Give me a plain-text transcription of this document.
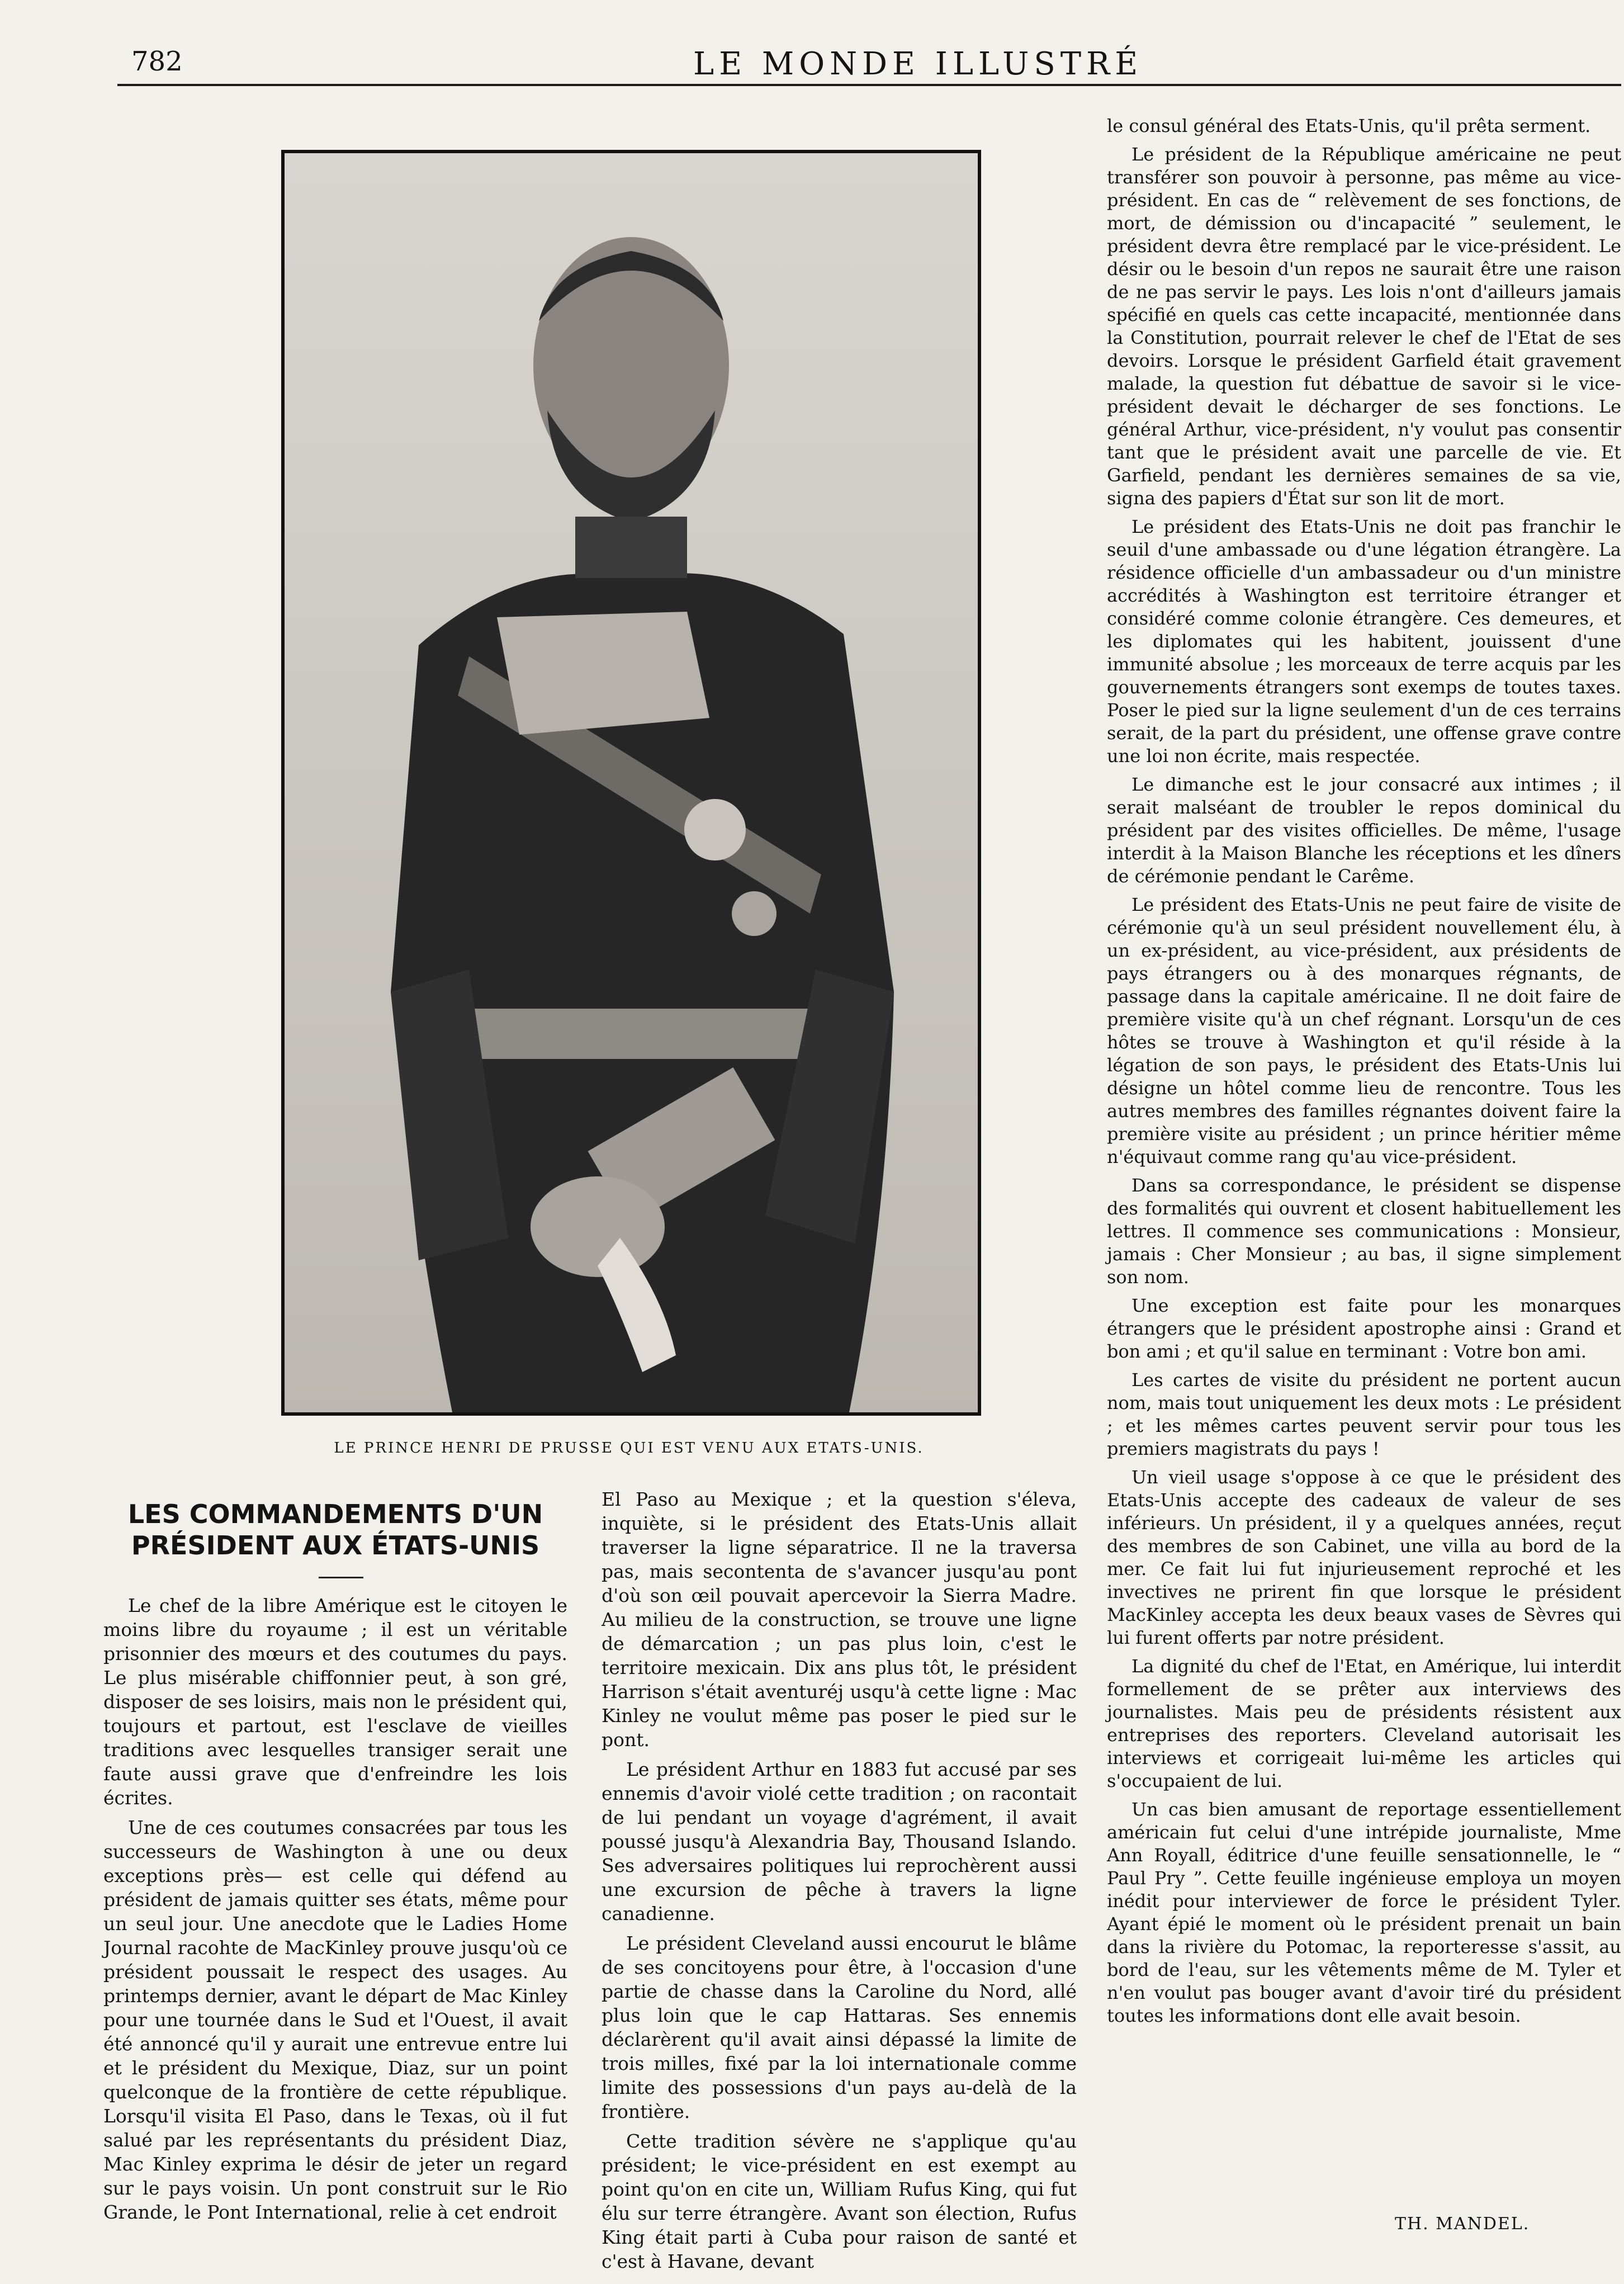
782	LE MONDE ILLUSTRÉ
LE PRINCE HENRI DE PRUSSE QUI EST VENU AUX ETATS-UNIS.
LES COMMANDEMENTS D'UN PRÉSIDENT AUX ÉTATS-UNIS

Le chef de la libre Amérique est le citoyen le moins libre du royaume ; il est un véritable prisonnier des mœurs et des coutumes du pays. Le plus misérable chiffonnier peut, à son gré, disposer de ses loisirs, mais non le président qui, toujours et partout, est l'esclave de vieilles traditions avec lesquelles transiger serait une faute aussi grave que d'enfreindre les lois écrites.

Une de ces coutumes consacrées par tous les successeurs de Washington à une ou deux exceptions près— est celle qui défend au président de jamais quitter ses états, même pour un seul jour. Une anecdote que le Ladies Home Journal racohte de MacKinley prouve jusqu'où ce président poussait le respect des usages. Au printemps dernier, avant le départ de Mac Kinley pour une tournée dans le Sud et l'Ouest, il avait été annoncé qu'il y aurait une entrevue entre lui et le président du Mexique, Diaz, sur un point quelconque de la frontière de cette république. Lorsqu'il visita El Paso, dans le Texas, où il fut salué par les représentants du président Diaz, Mac Kinley exprima le désir de jeter un regard sur le pays voisin. Un pont construit sur le Rio Grande, le Pont International, relie à cet endroit

El Paso au Mexique ; et la question s'éleva, inquiète, si le président des Etats-Unis allait traverser la ligne séparatrice. Il ne la traversa pas, mais secontenta de s'avancer jusqu'au pont d'où son œil pouvait apercevoir la Sierra Madre. Au milieu de la construction, se trouve une ligne de démarcation ; un pas plus loin, c'est le territoire mexicain. Dix ans plus tôt, le président Harrison s'était aventuréj usqu'à cette ligne : Mac Kinley ne voulut même pas poser le pied sur le pont.

Le président Arthur en 1883 fut accusé par ses ennemis d'avoir violé cette tradition ; on racontait de lui pendant un voyage d'agrément, il avait poussé jusqu'à Alexandria Bay, Thousand Islando. Ses adversaires politiques lui reprochèrent aussi une excursion de pêche à travers la ligne canadienne.

Le président Cleveland aussi encourut le blâme de ses concitoyens pour être, à l'occasion d'une partie de chasse dans la Caroline du Nord, allé plus loin que le cap Hattaras. Ses ennemis déclarèrent qu'il avait ainsi dépassé la limite de trois milles, fixé par la loi internationale comme limite des possessions d'un pays au-delà de la frontière.

Cette tradition sévère ne s'applique qu'au président; le vice-président en est exempt au point qu'on en cite un, William Rufus King, qui fut élu sur terre étrangère. Avant son élection, Rufus King était parti à Cuba pour raison de santé et c'est à Havane, devant

le consul général des Etats-Unis, qu'il prêta serment.

Le président de la République américaine ne peut transférer son pouvoir à personne, pas même au vice-président. En cas de “ relèvement de ses fonctions, de mort, de démission ou d'incapacité ” seulement, le président devra être remplacé par le vice-président. Le désir ou le besoin d'un repos ne saurait être une raison de ne pas servir le pays. Les lois n'ont d'ailleurs jamais spécifié en quels cas cette incapacité, mentionnée dans la Constitution, pourrait relever le chef de l'Etat de ses devoirs. Lorsque le président Garfield était gravement malade, la question fut débattue de savoir si le vice-président devait le décharger de ses fonctions. Le général Arthur, vice-président, n'y voulut pas consentir tant que le président avait une parcelle de vie. Et Garfield, pendant les dernières semaines de sa vie, signa des papiers d'État sur son lit de mort.

Le président des Etats-Unis ne doit pas franchir le seuil d'une ambassade ou d'une légation étrangère. La résidence officielle d'un ambassadeur ou d'un ministre accrédités à Washington est territoire étranger et considéré comme colonie étrangère. Ces demeures, et les diplomates qui les habitent, jouissent d'une immunité absolue ; les morceaux de terre acquis par les gouvernements étrangers sont exemps de toutes taxes. Poser le pied sur la ligne seulement d'un de ces terrains serait, de la part du président, une offense grave contre une loi non écrite, mais respectée.

Le dimanche est le jour consacré aux intimes ; il serait malséant de troubler le repos dominical du président par des visites officielles. De même, l'usage interdit à la Maison Blanche les réceptions et les dîners de cérémonie pendant le Carême.

Le président des Etats-Unis ne peut faire de visite de cérémonie qu'à un seul président nouvellement élu, à un ex-président, au vice-président, aux présidents de pays étrangers ou à des monarques régnants, de passage dans la capitale américaine. Il ne doit faire de première visite qu'à un chef régnant. Lorsqu'un de ces hôtes se trouve à Washington et qu'il réside à la légation de son pays, le président des Etats-Unis lui désigne un hôtel comme lieu de rencontre. Tous les autres membres des familles régnantes doivent faire la première visite au président ; un prince héritier même n'équivaut comme rang qu'au vice-président.

Dans sa correspondance, le président se dispense des formalités qui ouvrent et closent habituellement les lettres. Il commence ses communications : Monsieur, jamais : Cher Monsieur ; au bas, il signe simplement son nom.

Une exception est faite pour les monarques étrangers que le président apostrophe ainsi : Grand et bon ami ; et qu'il salue en terminant : Votre bon ami.

Les cartes de visite du président ne portent aucun nom, mais tout uniquement les deux mots : Le président ; et les mêmes cartes peuvent servir pour tous les premiers magistrats du pays !

Un vieil usage s'oppose à ce que le président des Etats-Unis accepte des cadeaux de valeur de ses inférieurs. Un président, il y a quelques années, reçut des membres de son Cabinet, une villa au bord de la mer. Ce fait lui fut injurieusement reproché et les invectives ne prirent fin que lorsque le président MacKinley accepta les deux beaux vases de Sèvres qui lui furent offerts par notre président.

La dignité du chef de l'Etat, en Amérique, lui interdit formellement de se prêter aux interviews des journalistes. Mais peu de présidents résistent aux entreprises des reporters. Cleveland autorisait les interviews et corrigeait lui-même les articles qui s'occupaient de lui.

Un cas bien amusant de reportage essentiellement américain fut celui d'une intrépide journaliste, Mme Ann Royall, éditrice d'une feuille sensationnelle, le “ Paul Pry ”. Cette feuille ingénieuse employa un moyen inédit pour interviewer de force le président Tyler. Ayant épié le moment où le président prenait un bain dans la rivière du Potomac, la reporteresse s'assit, au bord de l'eau, sur les vêtements même de M. Tyler et n'en voulut pas bouger avant d'avoir tiré du président toutes les informations dont elle avait besoin.

TH. MANDEL.
